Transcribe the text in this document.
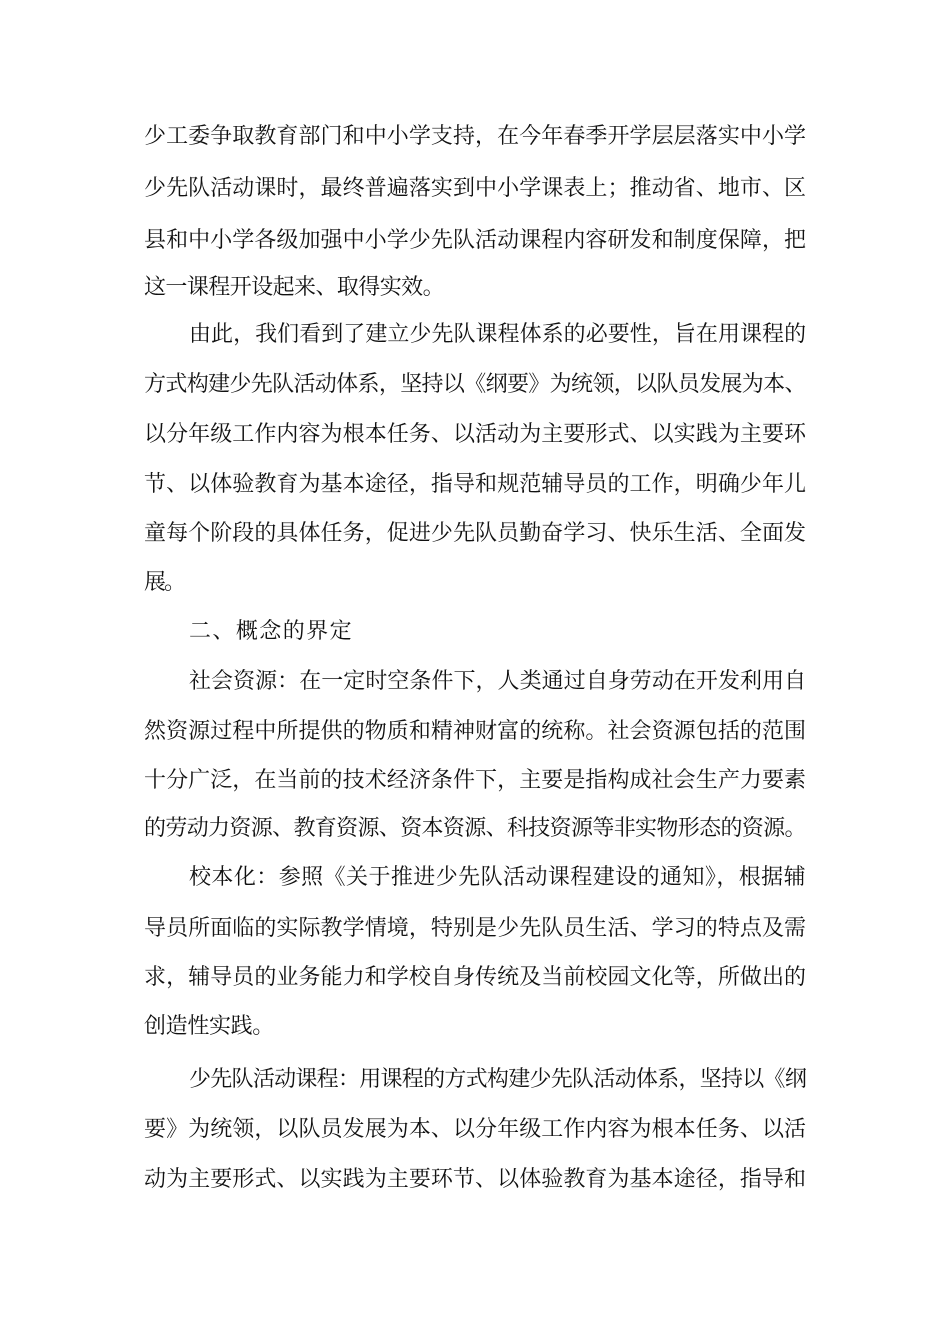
少工委争取教育部门和中小学支持，在今年春季开学层层落实中小学
少先队活动课时，最终普遍落实到中小学课表上；推动省、地市、区
县和中小学各级加强中小学少先队活动课程内容研发和制度保障，把
这一课程开设起来、取得实效。
由此，我们看到了建立少先队课程体系的必要性，旨在用课程的
方式构建少先队活动体系，坚持以《纲要》为统领，以队员发展为本、
以分年级工作内容为根本任务、以活动为主要形式、以实践为主要环
节、以体验教育为基本途径，指导和规范辅导员的工作，明确少年儿
童每个阶段的具体任务，促进少先队员勤奋学习、快乐生活、全面发
展。
二、概念的界定
社会资源：在一定时空条件下，人类通过自身劳动在开发利用自
然资源过程中所提供的物质和精神财富的统称。社会资源包括的范围
十分广泛，在当前的技术经济条件下，主要是指构成社会生产力要素
的劳动力资源、教育资源、资本资源、科技资源等非实物形态的资源。
校本化：参照《关于推进少先队活动课程建设的通知》，根据辅
导员所面临的实际教学情境，特别是少先队员生活、学习的特点及需
求，辅导员的业务能力和学校自身传统及当前校园文化等，所做出的
创造性实践。
少先队活动课程：用课程的方式构建少先队活动体系，坚持以《纲
要》为统领，以队员发展为本、以分年级工作内容为根本任务、以活
动为主要形式、以实践为主要环节、以体验教育为基本途径，指导和
